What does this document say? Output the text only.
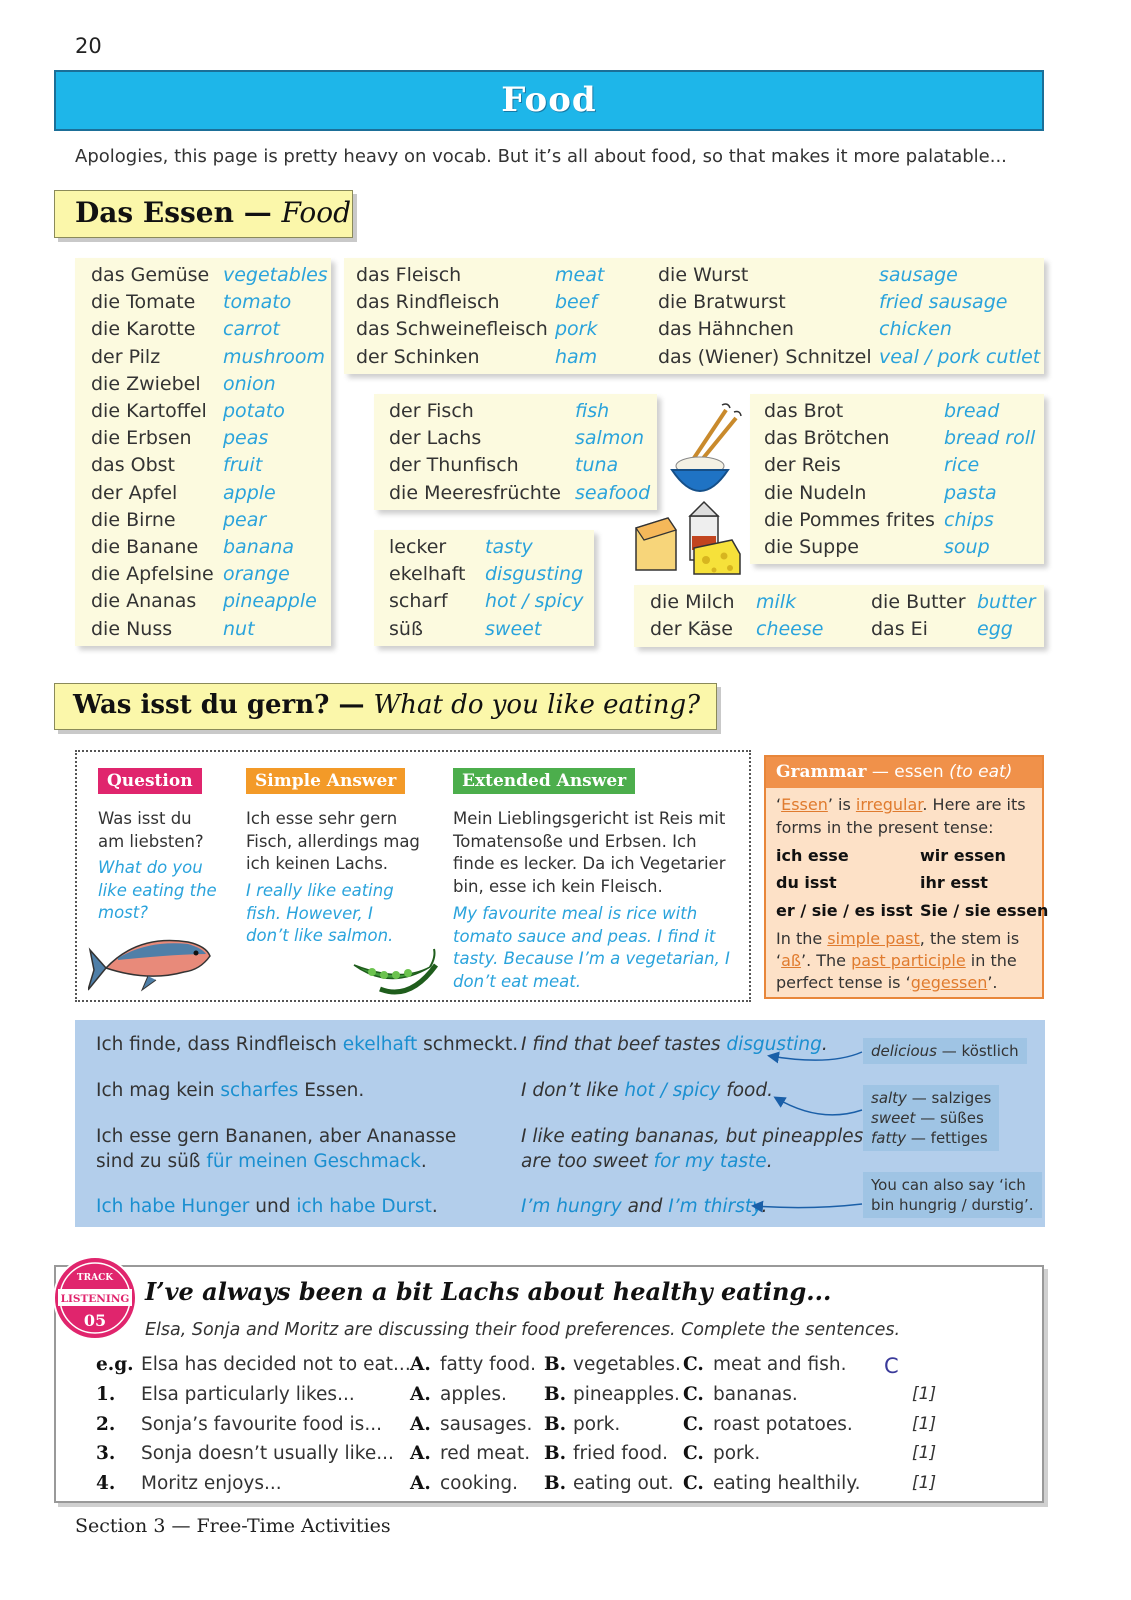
20
Food
Apologies, this page is pretty heavy on vocab. But it’s all about food, so that makes it more palatable...
Das Essen — Food
das Gemüse vegetables
die Tomate tomato
die Karotte carrot
der Pilz	mushroom
die Zwiebel onion
die Kartoffel potato
die Erbsen peas
das Obst	fruit
der Apfel apple
die Birne pear
die Banane banana
die Apfelsine orange
die Ananas pineapple
die Nuss	nut
das Fleisch	meat
das Rindfleisch	beef
das Schweinefleisch pork
der Schinken	ham
die Wurst	sausage
die Bratwurst	fried sausage
das Hähnchen	chicken
das (Wiener) Schnitzel veal / pork cutlet
der Fisch	fish
der Lachs	salmon
der Thunfisch	tuna
die Meeresfrüchte seafood
das Brot	bread
das Brötchen	bread roll
der Reis	rice
die Nudeln	pasta
die Pommes frites chips
die Suppe	soup
lecker tasty
ekelhaft disgusting
scharf hot / spicy
süß	sweet
die Milch milk	die Butter butter
der Käse cheese	das Ei	egg
Was isst du gern? — What do you like eating?
Question	Simple Answer	Extended Answer
Was isst du
am liebsten?
What do you
like eating the
most?
Ich esse sehr gern
Fisch, allerdings mag
ich keinen Lachs.
I really like eating
fish. However, I
don’t like salmon.
Mein Lieblingsgericht ist Reis mit
Tomatensoße und Erbsen. Ich
finde es lecker. Da ich Vegetarier
bin, esse ich kein Fleisch.
My favourite meal is rice with
tomato sauce and peas. I find it
tasty. Because I’m a vegetarian, I
don’t eat meat.
Grammar — essen (to eat)
‘Essen’ is irregular. Here are its
forms in the present tense:
ich esse	wir essen
du isst	ihr esst
er / sie / es isst Sie / sie essen
In the simple past, the stem is
‘aß’. The past participle in the
perfect tense is ‘gegessen’.
Ich finde, dass Rindfleisch ekelhaft schmeckt. I find that beef tastes disgusting.
Ich mag kein scharfes Essen.	I don’t like hot / spicy food.
Ich esse gern Bananen, aber Ananasse
sind zu süß für meinen Geschmack.
I like eating bananas, but pineapples
are too sweet for my taste.
Ich habe Hunger und ich habe Durst.	I’m hungry and I’m thirsty.
delicious — köstlich
salty — salziges
sweet — süßes
fatty — fettiges
You can also say ‘ich
bin hungrig / durstig’.
TRACK
LISTENING
05
I’ve always been a bit Lachs about healthy eating...
Elsa, Sonja and Moritz are discussing their food preferences. Complete the sentences.
e.g. Elsa has decided not to eat... A. fatty food. B. vegetables. C. meat and fish. C
1. Elsa particularly likes...	A. apples. B. pineapples. C. bananas.	[1]
2. Sonja’s favourite food is... A. sausages. B. pork.	C. roast potatoes.	[1]
3. Sonja doesn’t usually like... A. red meat. B. fried food. C. pork.	[1]
4. Moritz enjoys...	A. cooking. B. eating out. C. eating healthily.	[1]
Section 3 — Free-Time Activities
